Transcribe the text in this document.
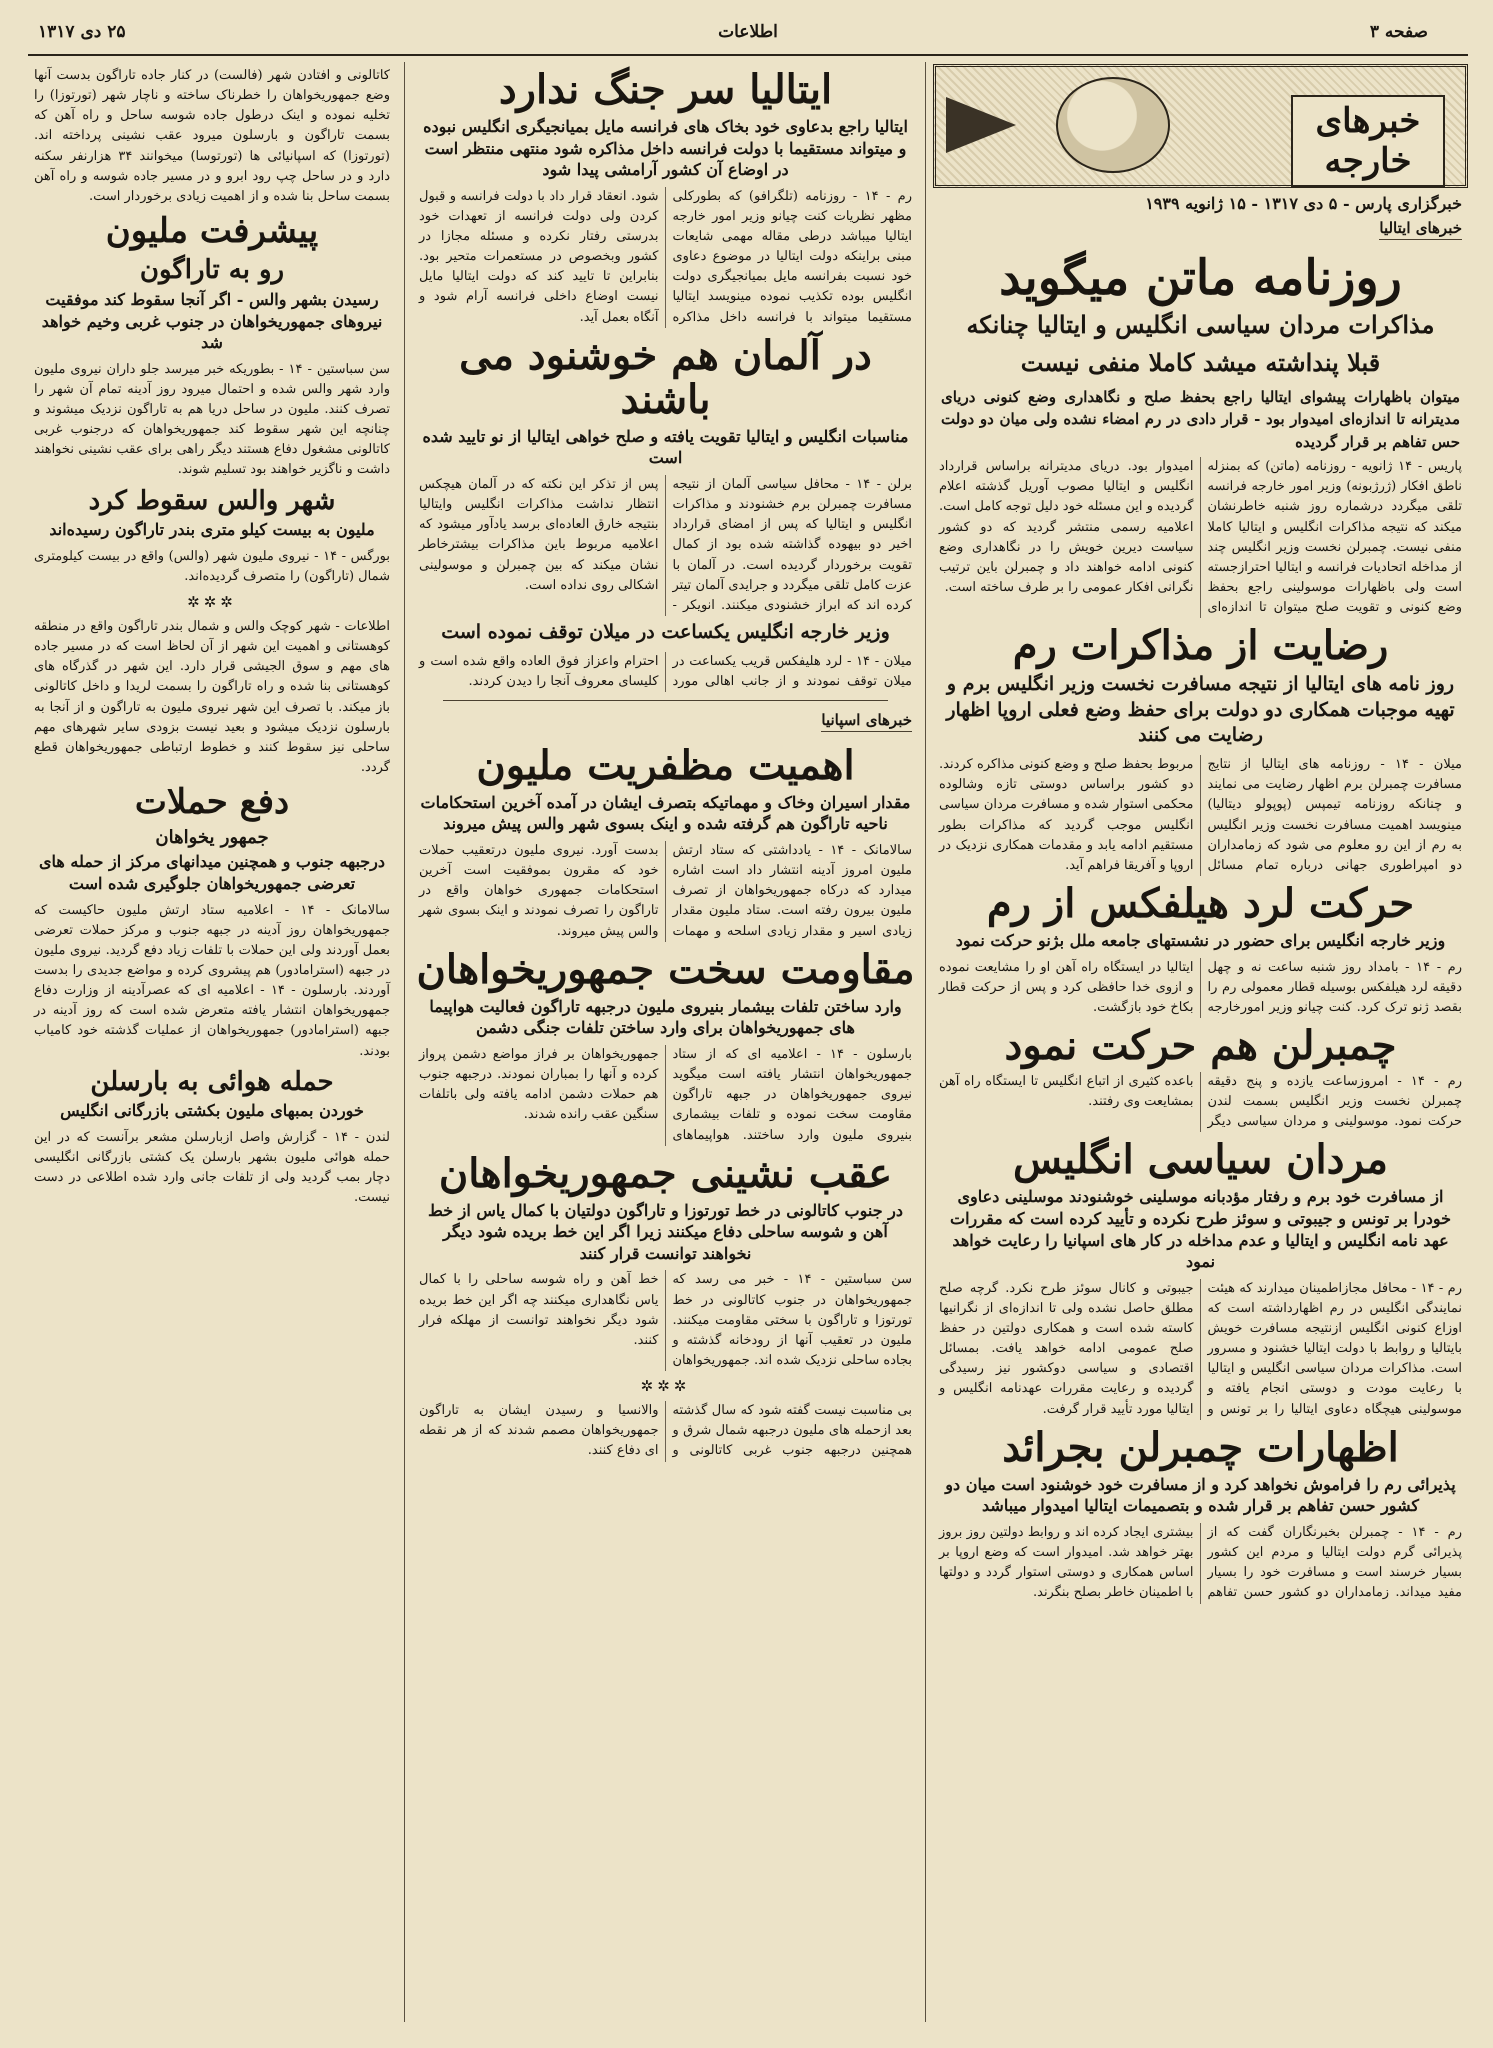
صفحه ۳
اطلاعات
۲۵ دی ۱۳۱۷
خبرهای خارجه
خبرگزاری پارس - ۵ دی ۱۳۱۷ - ۱۵ ژانویه ۱۹۳۹
خبرهای ایتالیا
روزنامه ماتن میگوید
مذاکرات مردان سیاسی انگلیس و ایتالیا چنانکه
قبلا پنداشته میشد کاملا منفی نیست
میتوان باظهارات پیشوای ایتالیا راجع بحفظ صلح و نگاهداری وضع کنونی دریای مدیترانه تا اندازه‌ای امیدوار بود - قرار دادی در رم امضاء نشده ولی میان دو دولت حس تفاهم بر قرار گردیده
پاریس - ۱۴ ژانویه - روزنامه (ماتن) که بمنزله ناطق افکار (ژرژبونه) وزیر امور خارجه فرانسه تلقی میگردد درشماره روز شنبه خاطرنشان میکند که نتیجه مذاکرات انگلیس و ایتالیا کاملا منفی نیست. چمبرلن نخست وزیر انگلیس چند از مداخله اتحادیات فرانسه و ایتالیا احترازجسته است ولی باظهارات موسولینی راجع بحفظ وضع کنونی و تقویت صلح میتوان تا اندازه‌ای امیدوار بود. دریای مدیترانه براساس قرارداد انگلیس و ایتالیا مصوب آوریل گذشته اعلام گردیده و این مسئله خود دلیل توجه کامل است. اعلامیه رسمی منتشر گردید که دو کشور سیاست دیرین خویش را در نگاهداری وضع کنونی ادامه خواهند داد و چمبرلن باین ترتیب نگرانی افکار عمومی را بر طرف ساخته است.
رضایت از مذاکرات رم
روز نامه های ایتالیا از نتیجه مسافرت نخست وزیر انگلیس برم و تهیه موجبات همکاری دو دولت برای حفظ وضع فعلی اروپا اظهار رضایت می کنند
میلان - ۱۴ - روزنامه های ایتالیا از نتایج مسافرت چمبرلن برم اظهار رضایت می نمایند و چنانکه روزنامه تیمپس (پوپولو دیتالیا) مینویسد اهمیت مسافرت نخست وزیر انگلیس به رم از این رو معلوم می شود که زمامداران دو امپراطوری جهانی درباره تمام مسائل مربوط بحفظ صلح و وضع کنونی مذاکره کردند. دو کشور براساس دوستی تازه وشالوده محکمی استوار شده و مسافرت مردان سیاسی انگلیس موجب گردید که مذاکرات بطور مستقیم ادامه یابد و مقدمات همکاری نزدیک در اروپا و آفریقا فراهم آید.
حرکت لرد هیلفکس از رم
وزیر خارجه انگلیس برای حضور در نشستهای جامعه ملل بژنو حرکت نمود
رم - ۱۴ - بامداد روز شنبه ساعت نه و چهل دقیقه لرد هیلفکس بوسیله قطار معمولی رم را بقصد ژنو ترک کرد. کنت چیانو وزیر امورخارجه ایتالیا در ایستگاه راه آهن او را مشایعت نموده و ازوی خدا حافظی کرد و پس از حرکت قطار بکاخ خود بازگشت.
چمبرلن هم حرکت نمود
رم - ۱۴ - امروزساعت یازده و پنج دقیقه چمبرلن نخست وزیر انگلیس بسمت لندن حرکت نمود. موسولینی و مردان سیاسی دیگر باعده کثیری از اتباع انگلیس تا ایستگاه راه آهن بمشایعت وی رفتند.
مردان سیاسی انگلیس
از مسافرت خود برم و رفتار مؤدبانه موسلینی خوشنودند موسلینی دعاوی خودرا بر تونس و جیبوتی و سوئز طرح نکرده و تأیید کرده است که مقررات عهد نامه انگلیس و ایتالیا و عدم مداخله در کار های اسپانیا را رعایت خواهد نمود
رم - ۱۴ - محافل مجازاطمینان میدارند که هیئت نمایندگی انگلیس در رم اظهارداشته است که اوزاع کنونی انگلیس ازنتیجه مسافرت خویش بایتالیا و روابط با دولت ایتالیا خشنود و مسرور است. مذاکرات مردان سیاسی انگلیس و ایتالیا با رعایت مودت و دوستی انجام یافته و موسولینی هیچگاه دعاوی ایتالیا را بر تونس و جیبوتی و کانال سوئز طرح نکرد. گرچه صلح مطلق حاصل نشده ولی تا اندازه‌ای از نگرانیها کاسته شده است و همکاری دولتین در حفظ صلح عمومی ادامه خواهد یافت. بمسائل اقتصادی و سیاسی دوکشور نیز رسیدگی گردیده و رعایت مقررات عهدنامه انگلیس و ایتالیا مورد تأیید قرار گرفت.
اظهارات چمبرلن بجرائد
پذیرائی رم را فراموش نخواهد کرد و از مسافرت خود خوشنود است میان دو کشور حسن تفاهم بر قرار شده و بتصمیمات ایتالیا امیدوار میباشد
رم - ۱۴ - چمبرلن بخبرنگاران گفت که از پذیرائی گرم دولت ایتالیا و مردم این کشور بسیار خرسند است و مسافرت خود را بسیار مفید میداند. زمامداران دو کشور حسن تفاهم بیشتری ایجاد کرده اند و روابط دولتین روز بروز بهتر خواهد شد. امیدوار است که وضع اروپا بر اساس همکاری و دوستی استوار گردد و دولتها با اطمینان خاطر بصلح بنگرند.
ایتالیا سر جنگ ندارد
ایتالیا راجع بدعاوی خود بخاک های فرانسه مایل بمیانجیگری انگلیس نبوده و میتواند مستقیما با دولت فرانسه داخل مذاکره شود منتهی منتظر است در اوضاع آن کشور آرامشی پیدا شود
رم - ۱۴ - روزنامه (تلگرافو) که بطورکلی مظهر نظریات کنت چیانو وزیر امور خارجه ایتالیا میباشد درطی مقاله مهمی شایعات مبنی براینکه دولت ایتالیا در موضوع دعاوی خود نسبت بفرانسه مایل بمیانجیگری دولت انگلیس بوده تکذیب نموده مینویسد ایتالیا مستقیما میتواند با فرانسه داخل مذاکره شود. انعقاد قرار داد با دولت فرانسه و قبول کردن ولی دولت فرانسه از تعهدات خود بدرستی رفتار نکرده و مسئله مجازا در کشور وبخصوص در مستعمرات متحیر بود. بنابراین تا تایید کند که دولت ایتالیا مایل نیست اوضاع داخلی فرانسه آرام شود و آنگاه بعمل آید.
در آلمان هم خوشنود می باشند
مناسبات انگلیس و ایتالیا تقویت یافته و صلح خواهی ایتالیا از نو تایید شده است
برلن - ۱۴ - محافل سیاسی آلمان از نتیجه مسافرت چمبرلن برم خشنودند و مذاکرات انگلیس و ایتالیا که پس از امضای قرارداد اخیر دو بیهوده گذاشته شده بود از کمال تقویت برخوردار گردیده است. در آلمان با عزت کامل تلقی میگردد و جرایدی آلمان تیتر کرده اند که ابراز خشنودی میکنند. انویکر - پس از تذکر این نکته که در آلمان هیچکس انتظار نداشت مذاکرات انگلیس وایتالیا بنتیجه خارق العاده‌ای برسد یادآور میشود که اعلامیه مربوط باین مذاکرات بیشترخاطر نشان میکند که بین چمبرلن و موسولینی اشکالی روی نداده است.
وزیر خارجه انگلیس یکساعت در میلان توقف نموده است
میلان - ۱۴ - لرد هلیفکس قریب یکساعت در میلان توقف نمودند و از جانب اهالی مورد احترام واعزاز فوق العاده واقع شده است و کلیسای معروف آنجا را دیدن کردند.
خبرهای اسپانیا
اهمیت مظفریت ملیون
مقدار اسیران وخاک و مهماتیکه بتصرف ایشان در آمده آخرین استحکامات ناحیه تاراگون هم گرفته شده و اینک بسوی شهر والس پیش میروند
سالامانک - ۱۴ - یادداشتی که ستاد ارتش ملیون امروز آدینه انتشار داد است اشاره میدارد که درکاه جمهوریخواهان از تصرف ملیون بیرون رفته است. ستاد ملیون مقدار زیادی اسیر و مقدار زیادی اسلحه و مهمات بدست آورد. نیروی ملیون درتعقیب حملات خود که مقرون بموفقیت است آخرین استحکامات جمهوری خواهان واقع در تاراگون را تصرف نمودند و اینک بسوی شهر والس پیش میروند.
مقاومت سخت جمهوریخواهان
وارد ساختن تلفات بیشمار بنیروی ملیون درجبهه تاراگون فعالیت هواپیما های جمهوریخواهان برای وارد ساختن تلفات جنگی دشمن
بارسلون - ۱۴ - اعلامیه ای که از ستاد جمهوریخواهان انتشار یافته است میگوید نیروی جمهوریخواهان در جبهه تاراگون مقاومت سخت نموده و تلفات بیشماری بنیروی ملیون وارد ساختند. هواپیماهای جمهوریخواهان بر فراز مواضع دشمن پرواز کرده و آنها را بمباران نمودند. درجبهه جنوب هم حملات دشمن ادامه یافته ولی باتلفات سنگین عقب رانده شدند.
عقب نشینی جمهوریخواهان
در جنوب کاتالونی در خط تورتوزا و تاراگون دولتیان با کمال یاس از خط آهن و شوسه ساحلی دفاع میکنند زیرا اگر این خط بریده شود دیگر نخواهند توانست قرار کنند
سن سباستین - ۱۴ - خبر می رسد که جمهوریخواهان در جنوب کاتالونی در خط تورتوزا و تاراگون با سختی مقاومت میکنند. ملیون در تعقیب آنها از رودخانه گذشته و بجاده ساحلی نزدیک شده اند. جمهوریخواهان خط آهن و راه شوسه ساحلی را با کمال یاس نگاهداری میکنند چه اگر این خط بریده شود دیگر نخواهند توانست از مهلکه فرار کنند.
✲✲✲
بی مناسبت نیست گفته شود که سال گذشته بعد ازحمله های ملیون درجبهه شمال شرق و همچنین درجبهه جنوب غربی کاتالونی و والانسیا و رسیدن ایشان به تاراگون جمهوریخواهان مصمم شدند که از هر نقطه ای دفاع کنند.
کاتالونی و افتادن شهر (فالست) در کنار جاده تاراگون بدست آنها وضع جمهوریخواهان را خطرناک ساخته و ناچار شهر (تورتوزا) را تخلیه نموده و اینک درطول جاده شوسه ساحل و راه آهن که بسمت تاراگون و بارسلون میرود عقب نشینی پرداخته اند. (تورتوزا) که اسپانیائی ها (تورتوسا) میخوانند ۳۴ هزارنفر سکنه دارد و در ساحل چپ رود ابرو و در مسیر جاده شوسه و راه آهن بسمت ساحل بنا شده و از اهمیت زیادی برخوردار است.
پیشرفت ملیون
رو به تاراگون
رسیدن بشهر والس - اگر آنجا سقوط کند موفقیت نیروهای جمهوریخواهان در جنوب غربی وخیم خواهد شد
سن سباستین - ۱۴ - بطوریکه خبر میرسد جلو داران نیروی ملیون وارد شهر والس شده و احتمال میرود روز آدینه تمام آن شهر را تصرف کنند. ملیون در ساحل دریا هم به تاراگون نزدیک میشوند و چنانچه این شهر سقوط کند جمهوریخواهان که درجنوب غربی کاتالونی مشغول دفاع هستند دیگر راهی برای عقب نشینی نخواهند داشت و ناگزیر خواهند بود تسلیم شوند.
شهر والس سقوط کرد
ملیون به بیست کیلو متری بندر تاراگون رسیده‌اند
بورگس - ۱۴ - نیروی ملیون شهر (والس) واقع در بیست کیلومتری شمال (تاراگون) را متصرف گردیده‌اند.
✲✲✲
اطلاعات - شهر کوچک والس و شمال بندر تاراگون واقع در منطقه کوهستانی و اهمیت این شهر از آن لحاظ است که در مسیر جاده های مهم و سوق الجیشی قرار دارد. این شهر در گذرگاه های کوهستانی بنا شده و راه تاراگون را بسمت لریدا و داخل کاتالونی باز میکند. با تصرف این شهر نیروی ملیون به تاراگون و از آنجا به بارسلون نزدیک میشود و بعید نیست بزودی سایر شهرهای مهم ساحلی نیز سقوط کنند و خطوط ارتباطی جمهوریخواهان قطع گردد.
دفع حملات
جمهور یخواهان
درجبهه جنوب و همچنین میدانهای مرکز از حمله های تعرضی جمهوریخواهان جلوگیری شده است
سالامانک - ۱۴ - اعلامیه ستاد ارتش ملیون حاکیست که جمهوریخواهان روز آدینه در جبهه جنوب و مرکز حملات تعرضی بعمل آوردند ولی این حملات با تلفات زیاد دفع گردید. نیروی ملیون در جبهه (استرامادور) هم پیشروی کرده و مواضع جدیدی را بدست آوردند. بارسلون - ۱۴ - اعلامیه ای که عصرآدینه از وزارت دفاع جمهوریخواهان انتشار یافته متعرض شده است که روز آدینه در جبهه (استرامادور) جمهوریخواهان از عملیات گذشته خود کامیاب بودند.
حمله هوائی به بارسلن
خوردن بمبهای ملیون بکشتی بازرگانی انگلیس
لندن - ۱۴ - گزارش واصل ازبارسلن مشعر برآنست که در این حمله هوائی ملیون بشهر بارسلن یک کشتی بازرگانی انگلیسی دچار بمب گردید ولی از تلفات جانی وارد شده اطلاعی در دست نیست.
